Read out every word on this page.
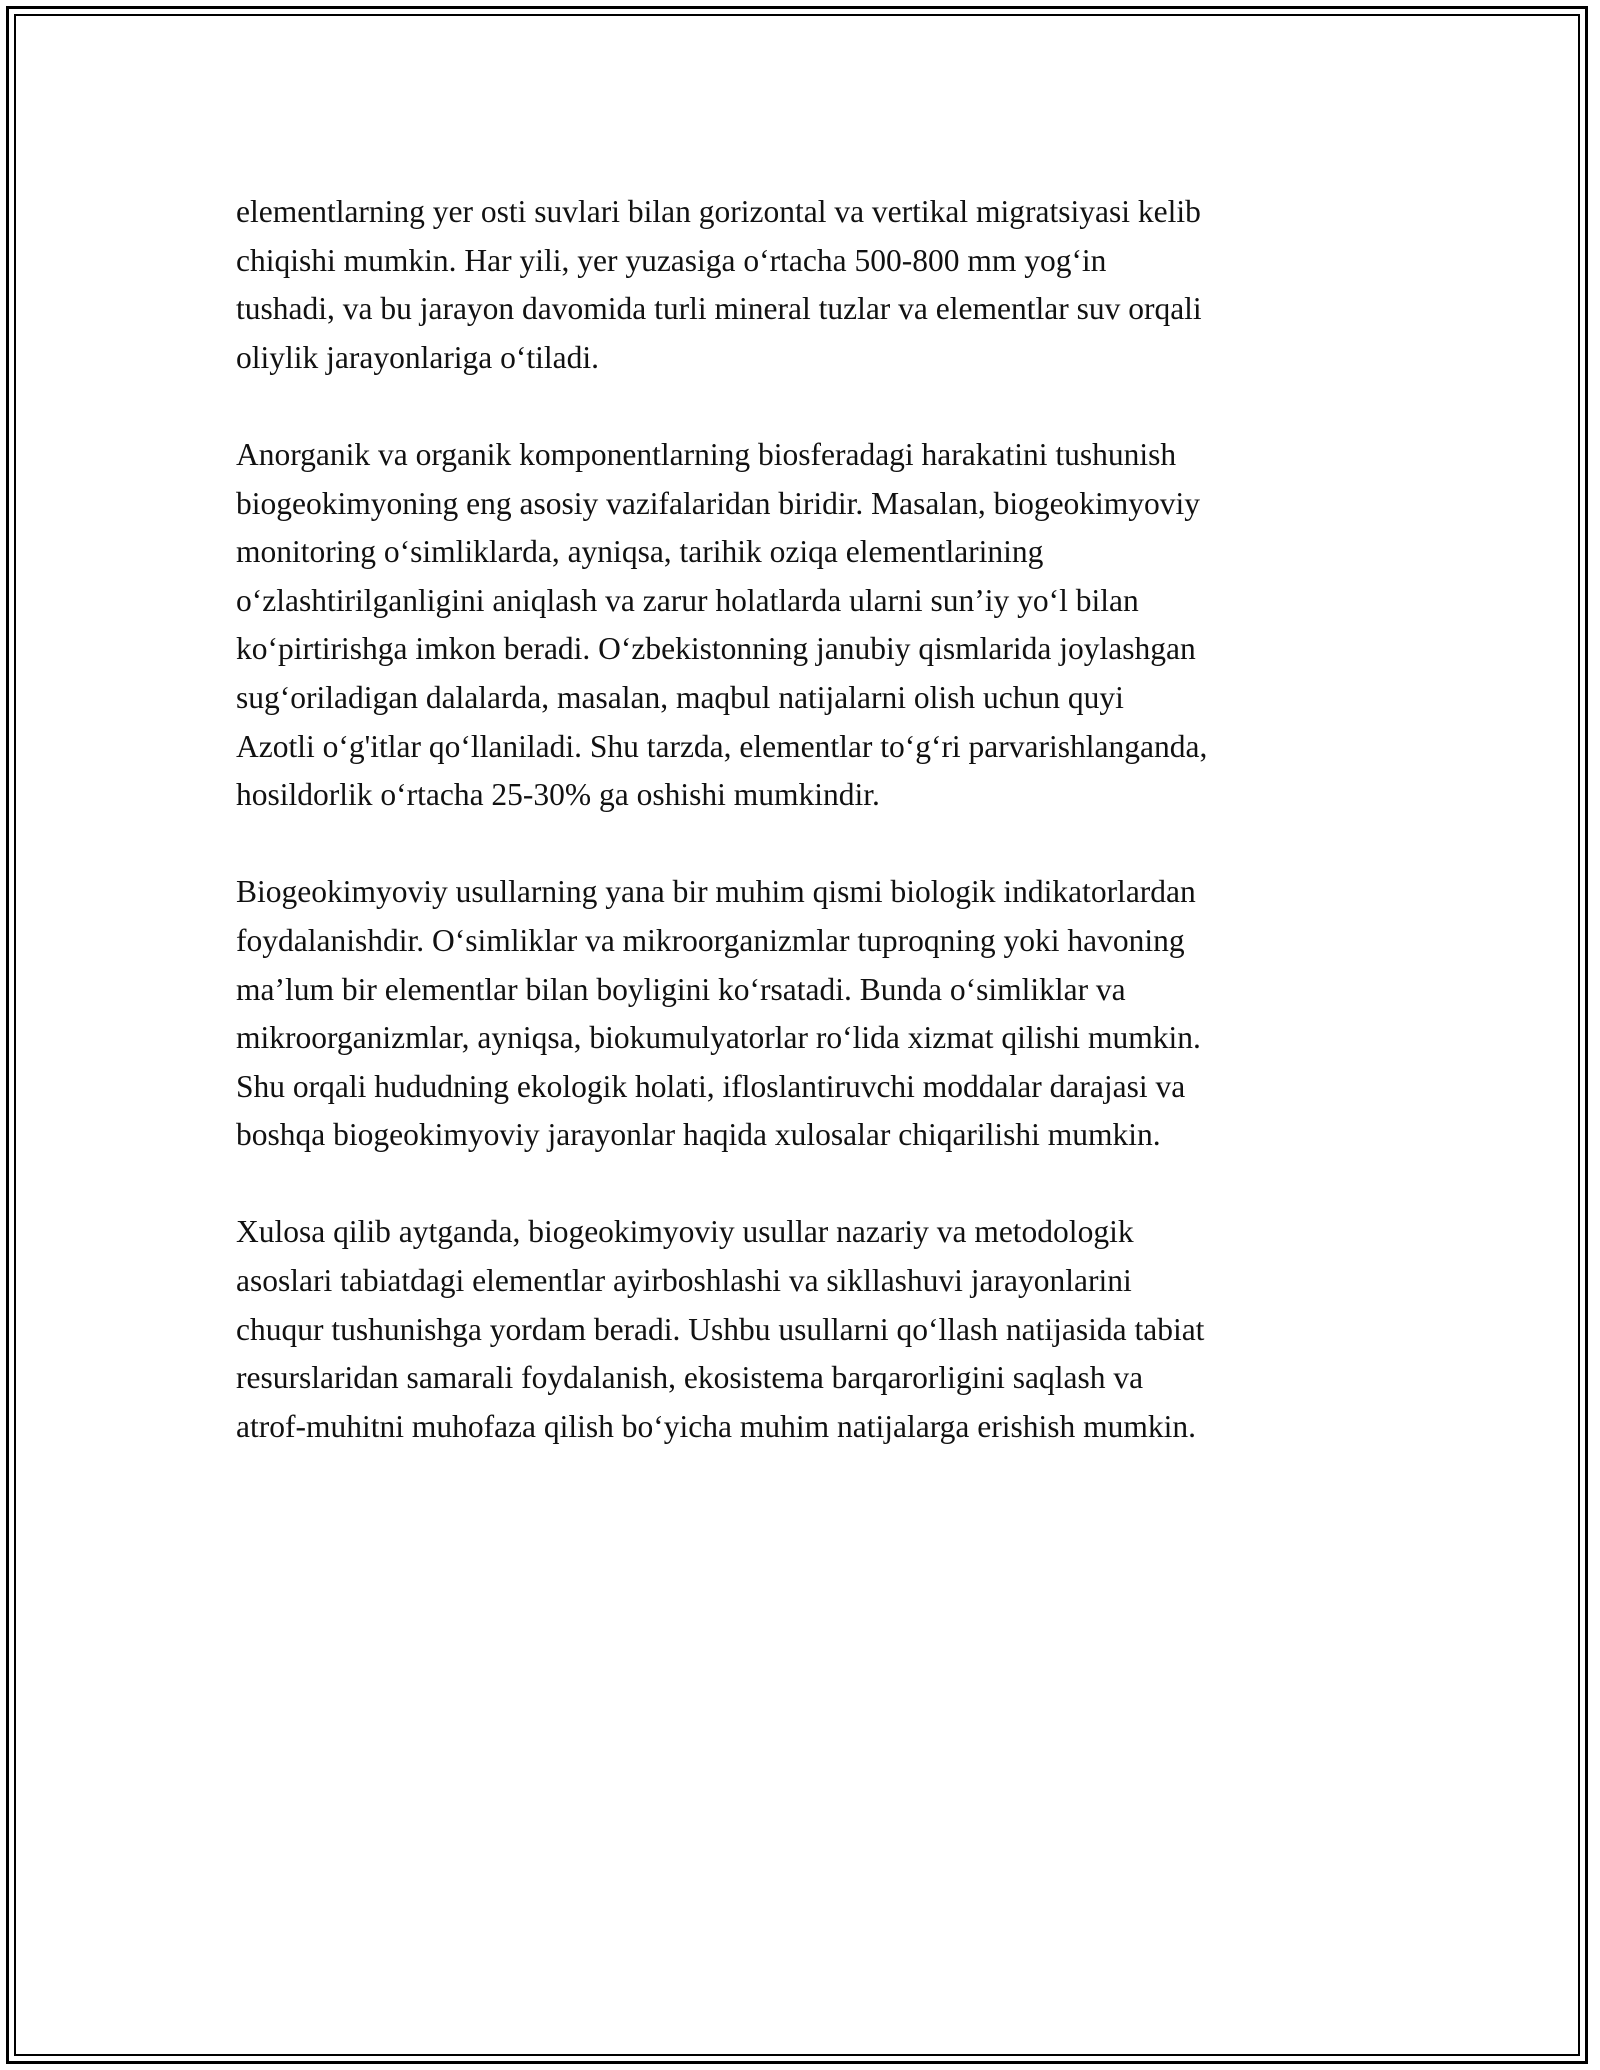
elementlarning yer osti suvlari bilan gorizontal va vertikal migratsiyasi kelib
chiqishi mumkin. Har yili, yer yuzasiga o‘rtacha 500-800 mm yog‘in
tushadi, va bu jarayon davomida turli mineral tuzlar va elementlar suv orqali
oliylik jarayonlariga o‘tiladi.

Anorganik va organik komponentlarning biosferadagi harakatini tushunish
biogeokimyoning eng asosiy vazifalaridan biridir. Masalan, biogeokimyoviy
monitoring o‘simliklarda, ayniqsa, tarihik oziqa elementlarining
o‘zlashtirilganligini aniqlash va zarur holatlarda ularni sun’iy yo‘l bilan
ko‘pirtirishga imkon beradi. O‘zbekistonning janubiy qismlarida joylashgan
sug‘oriladigan dalalarda, masalan, maqbul natijalarni olish uchun quyi
Azotli o‘g'itlar qo‘llaniladi. Shu tarzda, elementlar to‘g‘ri parvarishlanganda,
hosildorlik o‘rtacha 25-30% ga oshishi mumkindir.

Biogeokimyoviy usullarning yana bir muhim qismi biologik indikatorlardan
foydalanishdir. O‘simliklar va mikroorganizmlar tuproqning yoki havoning
ma’lum bir elementlar bilan boyligini ko‘rsatadi. Bunda o‘simliklar va
mikroorganizmlar, ayniqsa, biokumulyatorlar ro‘lida xizmat qilishi mumkin.
Shu orqali hududning ekologik holati, ifloslantiruvchi moddalar darajasi va
boshqa biogeokimyoviy jarayonlar haqida xulosalar chiqarilishi mumkin.

Xulosa qilib aytganda, biogeokimyoviy usullar nazariy va metodologik
asoslari tabiatdagi elementlar ayirboshlashi va sikllashuvi jarayonlarini
chuqur tushunishga yordam beradi. Ushbu usullarni qo‘llash natijasida tabiat
resurslaridan samarali foydalanish, ekosistema barqarorligini saqlash va
atrof-muhitni muhofaza qilish bo‘yicha muhim natijalarga erishish mumkin.
